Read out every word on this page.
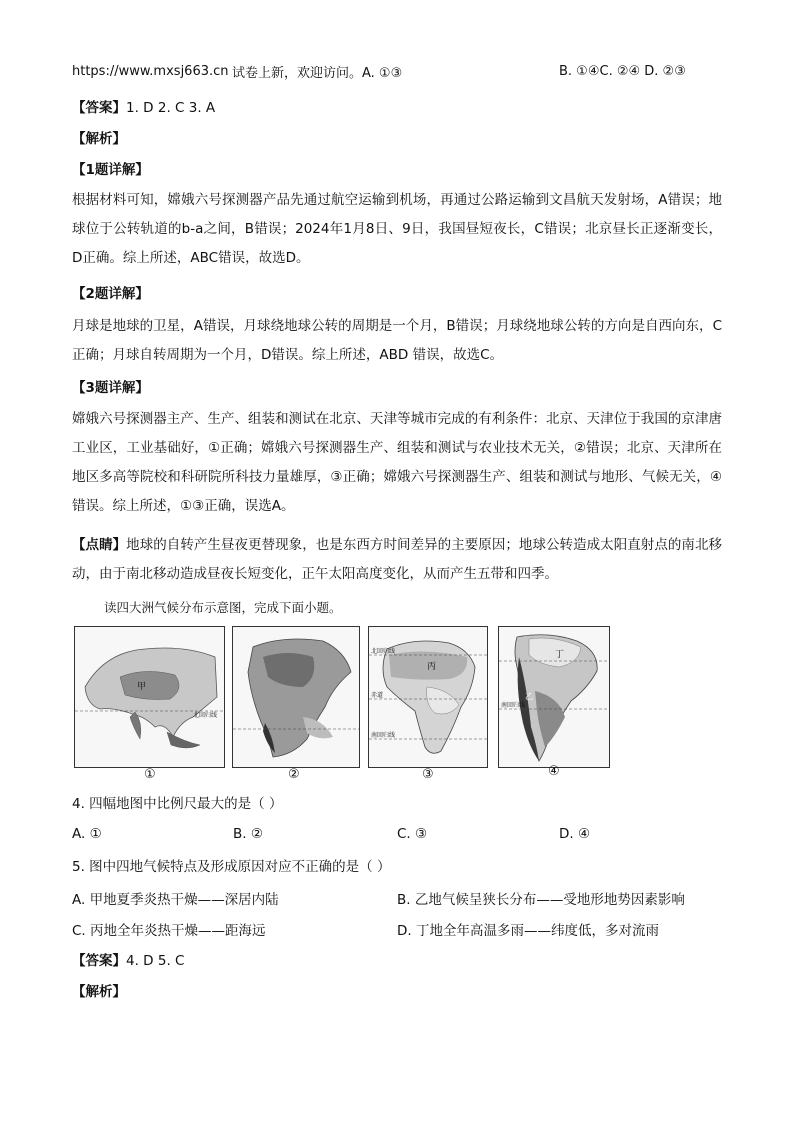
https://www.mxsj663.cn 试卷上新，欢迎访问。A. ①③	B. ①④C. ②④ D. ②③
【答案】1. D 2. C 3. A
【解析】
【1题详解】
根据材料可知，嫦娥六号探测器产品先通过航空运输到机场，再通过公路运输到文昌航天发射场，A错误；地球位于公转轨道的b-a之间，B错误；2024年1月8日、9日，我国昼短夜长，C错误；北京昼长正逐渐变长，D正确。综上所述，ABC错误，故选D。
【2题详解】
月球是地球的卫星，A错误，月球绕地球公转的周期是一个月，B错误；月球绕地球公转的方向是自西向东，C正确；月球自转周期为一个月，D错误。综上所述，ABD 错误，故选C。
【3题详解】
嫦娥六号探测器主产、生产、组装和测试在北京、天津等城市完成的有利条件：北京、天津位于我国的京津唐工业区，工业基础好，①正确；嫦娥六号探测器生产、组装和测试与农业技术无关，②错误；北京、天津所在地区多高等院校和科研院所科技力量雄厚，③正确；嫦娥六号探测器生产、组装和测试与地形、气候无关，④错误。综上所述，①③正确，误选A。
【点睛】地球的自转产生昼夜更替现象，也是东西方时间差异的主要原因；地球公转造成太阳直射点的南北移动，由于南北移动造成昼夜长短变化，正午太阳高度变化，从而产生五带和四季。
读四大洲气候分布示意图，完成下面小题。
甲
北回归线
北回归线
赤道
南回归线
丙
南回归线
丁
乙
①	②	③	④
4. 四幅地图中比例尺最大的是（ ）
A. ①	B. ②	C. ③	D. ④
5. 图中四地气候特点及形成原因对应不正确的是（ ）
A. 甲地夏季炎热干燥——深居内陆	B. 乙地气候呈狭长分布——受地形地势因素影响
C. 丙地全年炎热干燥——距海远	D. 丁地全年高温多雨——纬度低，多对流雨
【答案】4. D 5. C
【解析】
